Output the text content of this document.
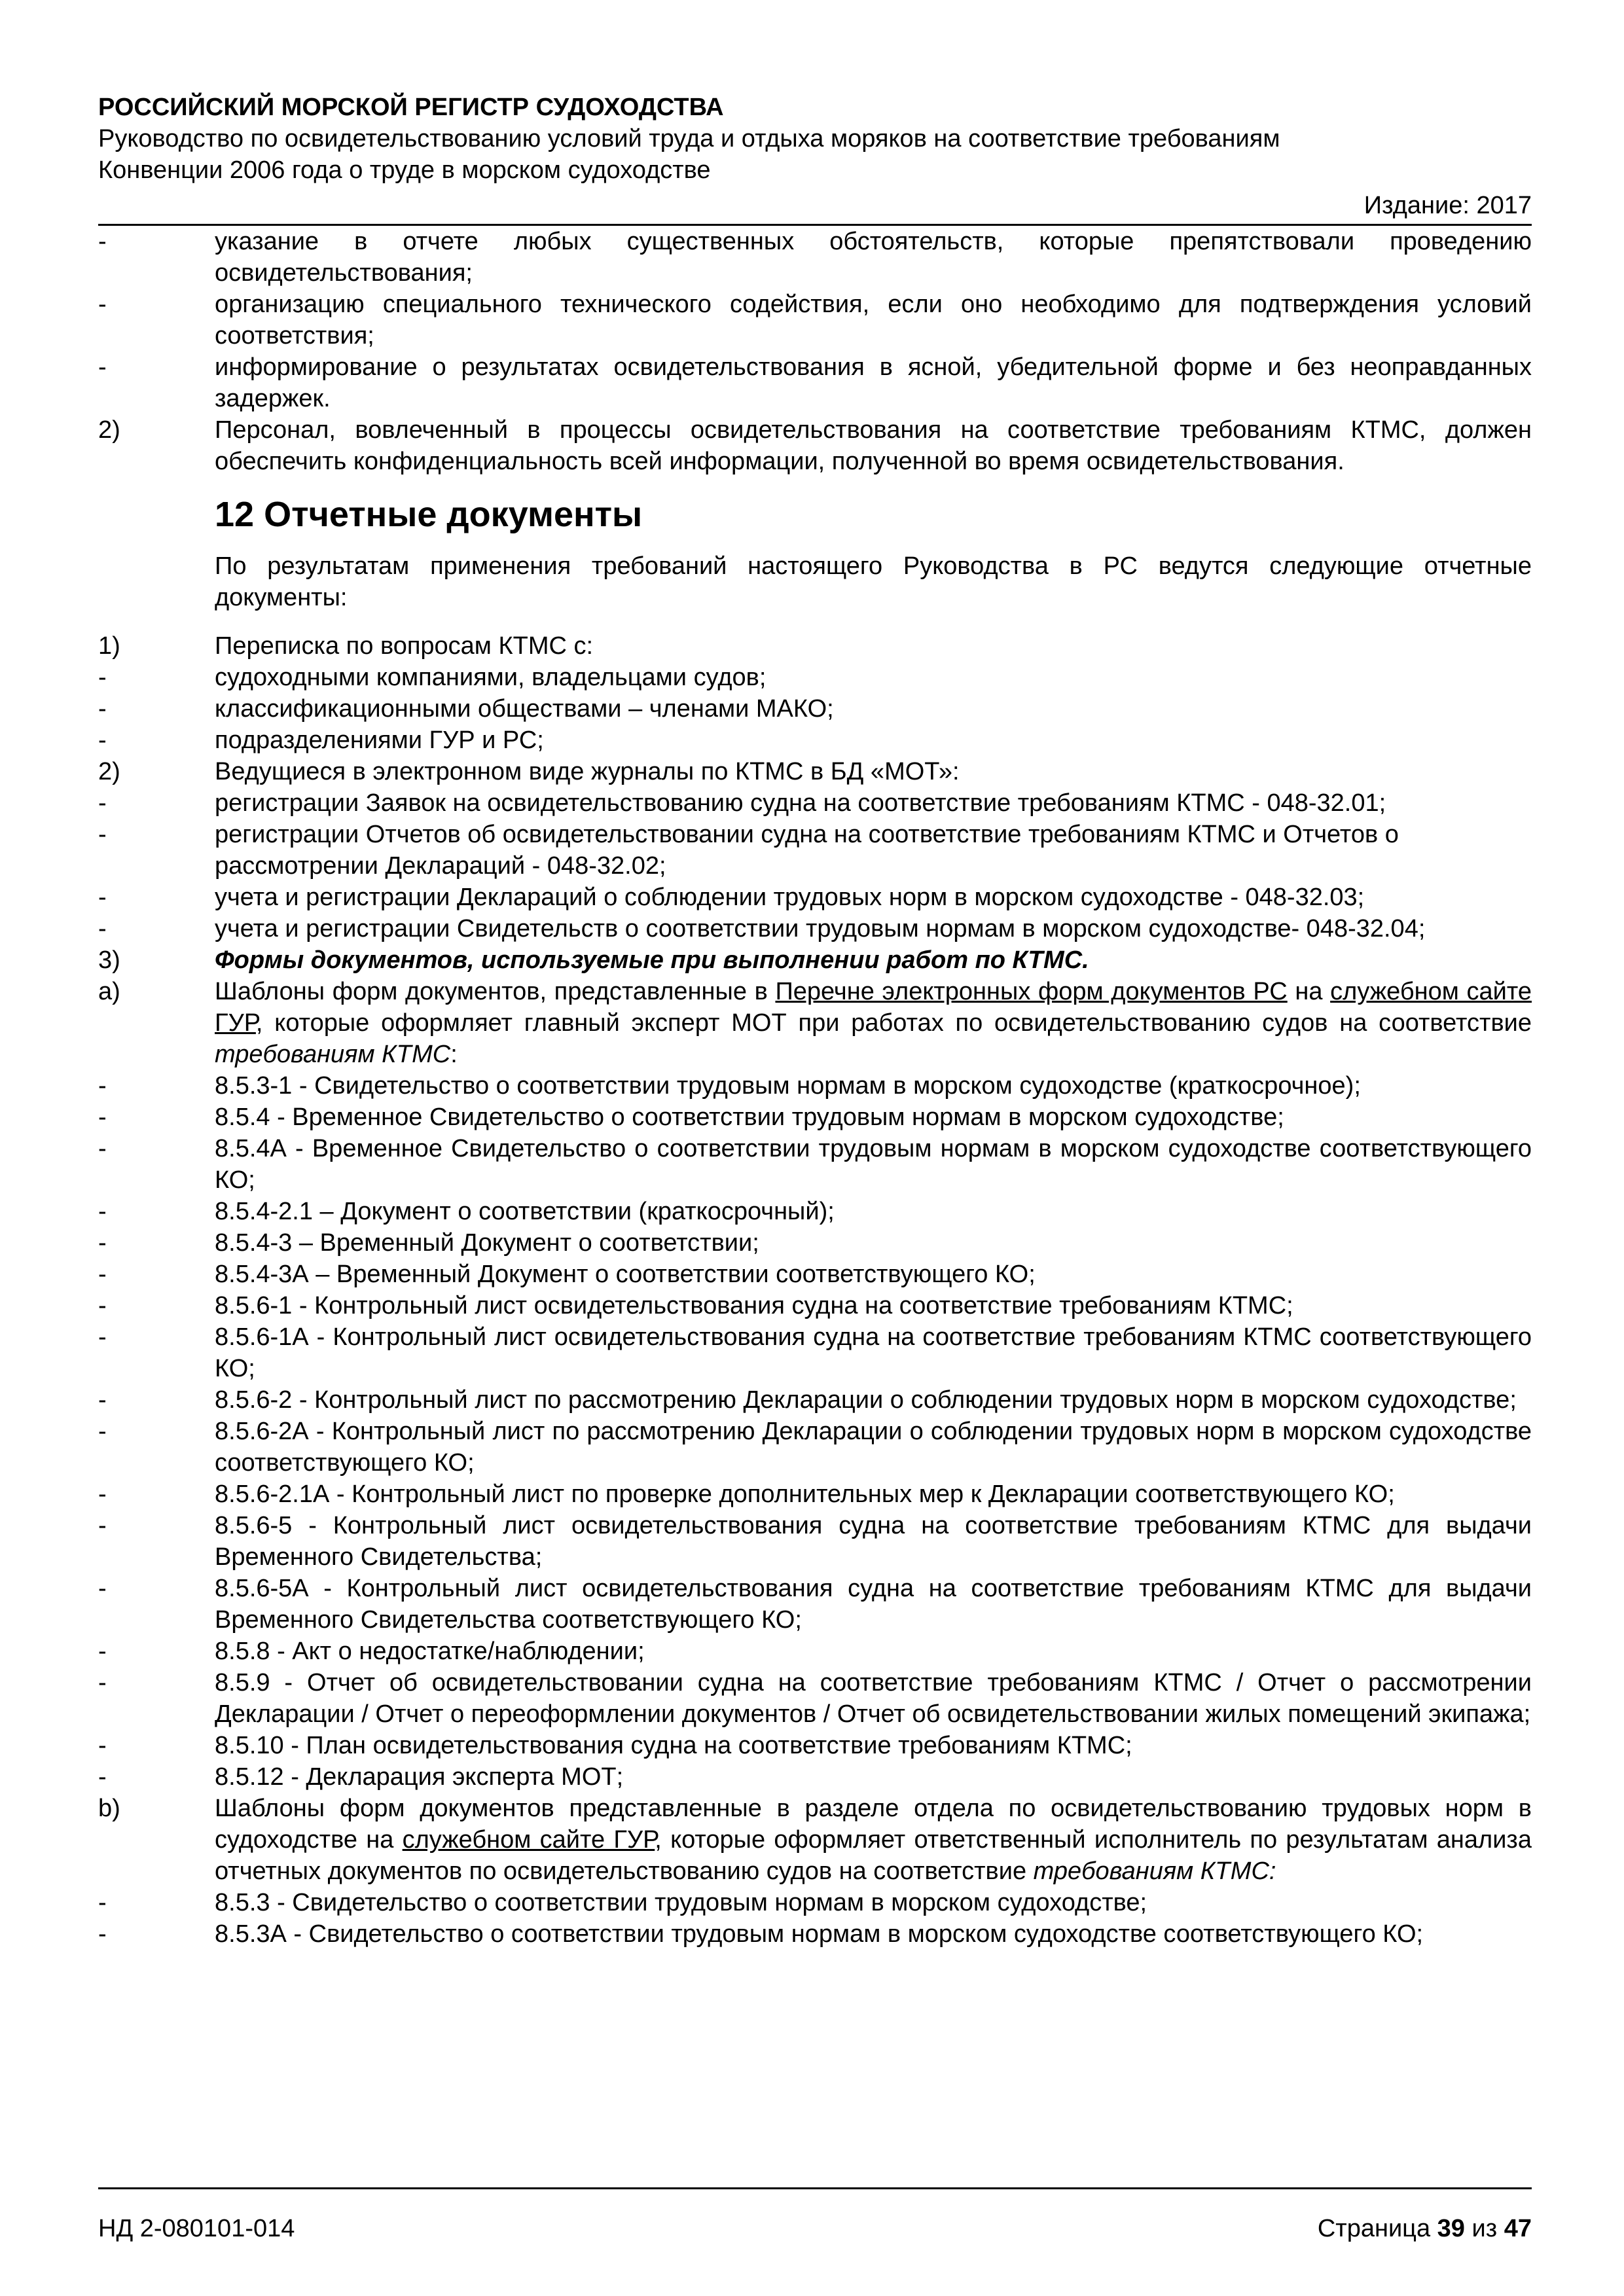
РОССИЙСКИЙ МОРСКОЙ РЕГИСТР СУДОХОДСТВА

Руководство по освидетельствованию условий труда и отдыха моряков на соответствие требованиям

Конвенции 2006 года о труде в морском судоходстве

Издание: 2017

-	указание в отчете любых существенных обстоятельств, которые препятствовали проведению освидетельствования;
-	организацию специального технического содействия, если оно необходимо для подтверждения условий соответствия;
-	информирование о результатах освидетельствования в ясной, убедительной форме и без неоправданных задержек.
2)	Персонал, вовлеченный в процессы освидетельствования на соответствие требованиям КТМС, должен обеспечить конфиденциальность всей информации, полученной во время освидетельствования.
12 Отчетные документы
По результатам применения требований настоящего Руководства в РС ведутся следующие отчетные документы:
1)	Переписка по вопросам КТМС с:
-	судоходными компаниями, владельцами судов;
-	классификационными обществами – членами МАКО;
-	подразделениями ГУР и РС;
2)	Ведущиеся в электронном виде журналы по КТМС в БД «МОТ»:
-	регистрации Заявок на освидетельствованию судна на соответствие требованиям КТМС - 048-32.01;
-	регистрации Отчетов об освидетельствовании судна на соответствие требованиям КТМС и Отчетов о рассмотрении Деклараций - 048-32.02;
-	учета и регистрации Деклараций о соблюдении трудовых норм в морском судоходстве - 048-32.03;
-	учета и регистрации Свидетельств о соответствии трудовым нормам в морском судоходстве- 048-32.04;
3)	Формы документов, используемые при выполнении работ по КТМС.
a)	Шаблоны форм документов, представленные в Перечне электронных форм документов РС на служебном сайте ГУР, которые оформляет главный эксперт МОТ при работах по освидетельствованию судов на соответствие требованиям КТМС:
-	8.5.3-1 - Свидетельство о соответствии трудовым нормам в морском судоходстве (краткосрочное);
-	8.5.4 - Временное Свидетельство о соответствии трудовым нормам в морском судоходстве;
-	8.5.4А - Временное Свидетельство о соответствии трудовым нормам в морском судоходстве соответствующего КО;
-	8.5.4-2.1 – Документ о соответствии (краткосрочный);
-	8.5.4-3 – Временный Документ о соответствии;
-	8.5.4-3А – Временный Документ о соответствии соответствующего КО;
-	8.5.6-1 - Контрольный лист освидетельствования судна на соответствие требованиям КТМС;
-	8.5.6-1А - Контрольный лист освидетельствования судна на соответствие требованиям КТМС соответствующего КО;
-	8.5.6-2 - Контрольный лист по рассмотрению Декларации о соблюдении трудовых норм в морском судоходстве;
-	8.5.6-2А - Контрольный лист по рассмотрению Декларации о соблюдении трудовых норм в морском судоходстве соответствующего КО;
-	8.5.6-2.1А - Контрольный лист по проверке дополнительных мер к Декларации соответствующего КО;
-	8.5.6-5 - Контрольный лист освидетельствования судна на соответствие требованиям КТМС для выдачи Временного Свидетельства;
-	8.5.6-5А - Контрольный лист освидетельствования судна на соответствие требованиям КТМС для выдачи Временного Свидетельства соответствующего КО;
-	8.5.8 - Акт о недостатке/наблюдении;
-	8.5.9 - Отчет об освидетельствовании судна на соответствие требованиям КТМС / Отчет о рассмотрении Декларации / Отчет о переоформлении документов / Отчет об освидетельствовании жилых помещений экипажа;
-	8.5.10 - План освидетельствования судна на соответствие требованиям КТМС;
-	8.5.12 - Декларация эксперта МОТ;
b)	Шаблоны форм документов представленные в разделе отдела по освидетельствованию трудовых норм в судоходстве на служебном сайте ГУР, которые оформляет ответственный исполнитель по результатам анализа отчетных документов по освидетельствованию судов на соответствие требованиям КТМС:
-	8.5.3 - Свидетельство о соответствии трудовым нормам в морском судоходстве;
-	8.5.3А - Свидетельство о соответствии трудовым нормам в морском судоходстве соответствующего КО;
НД 2-080101-014	Страница 39 из 47
